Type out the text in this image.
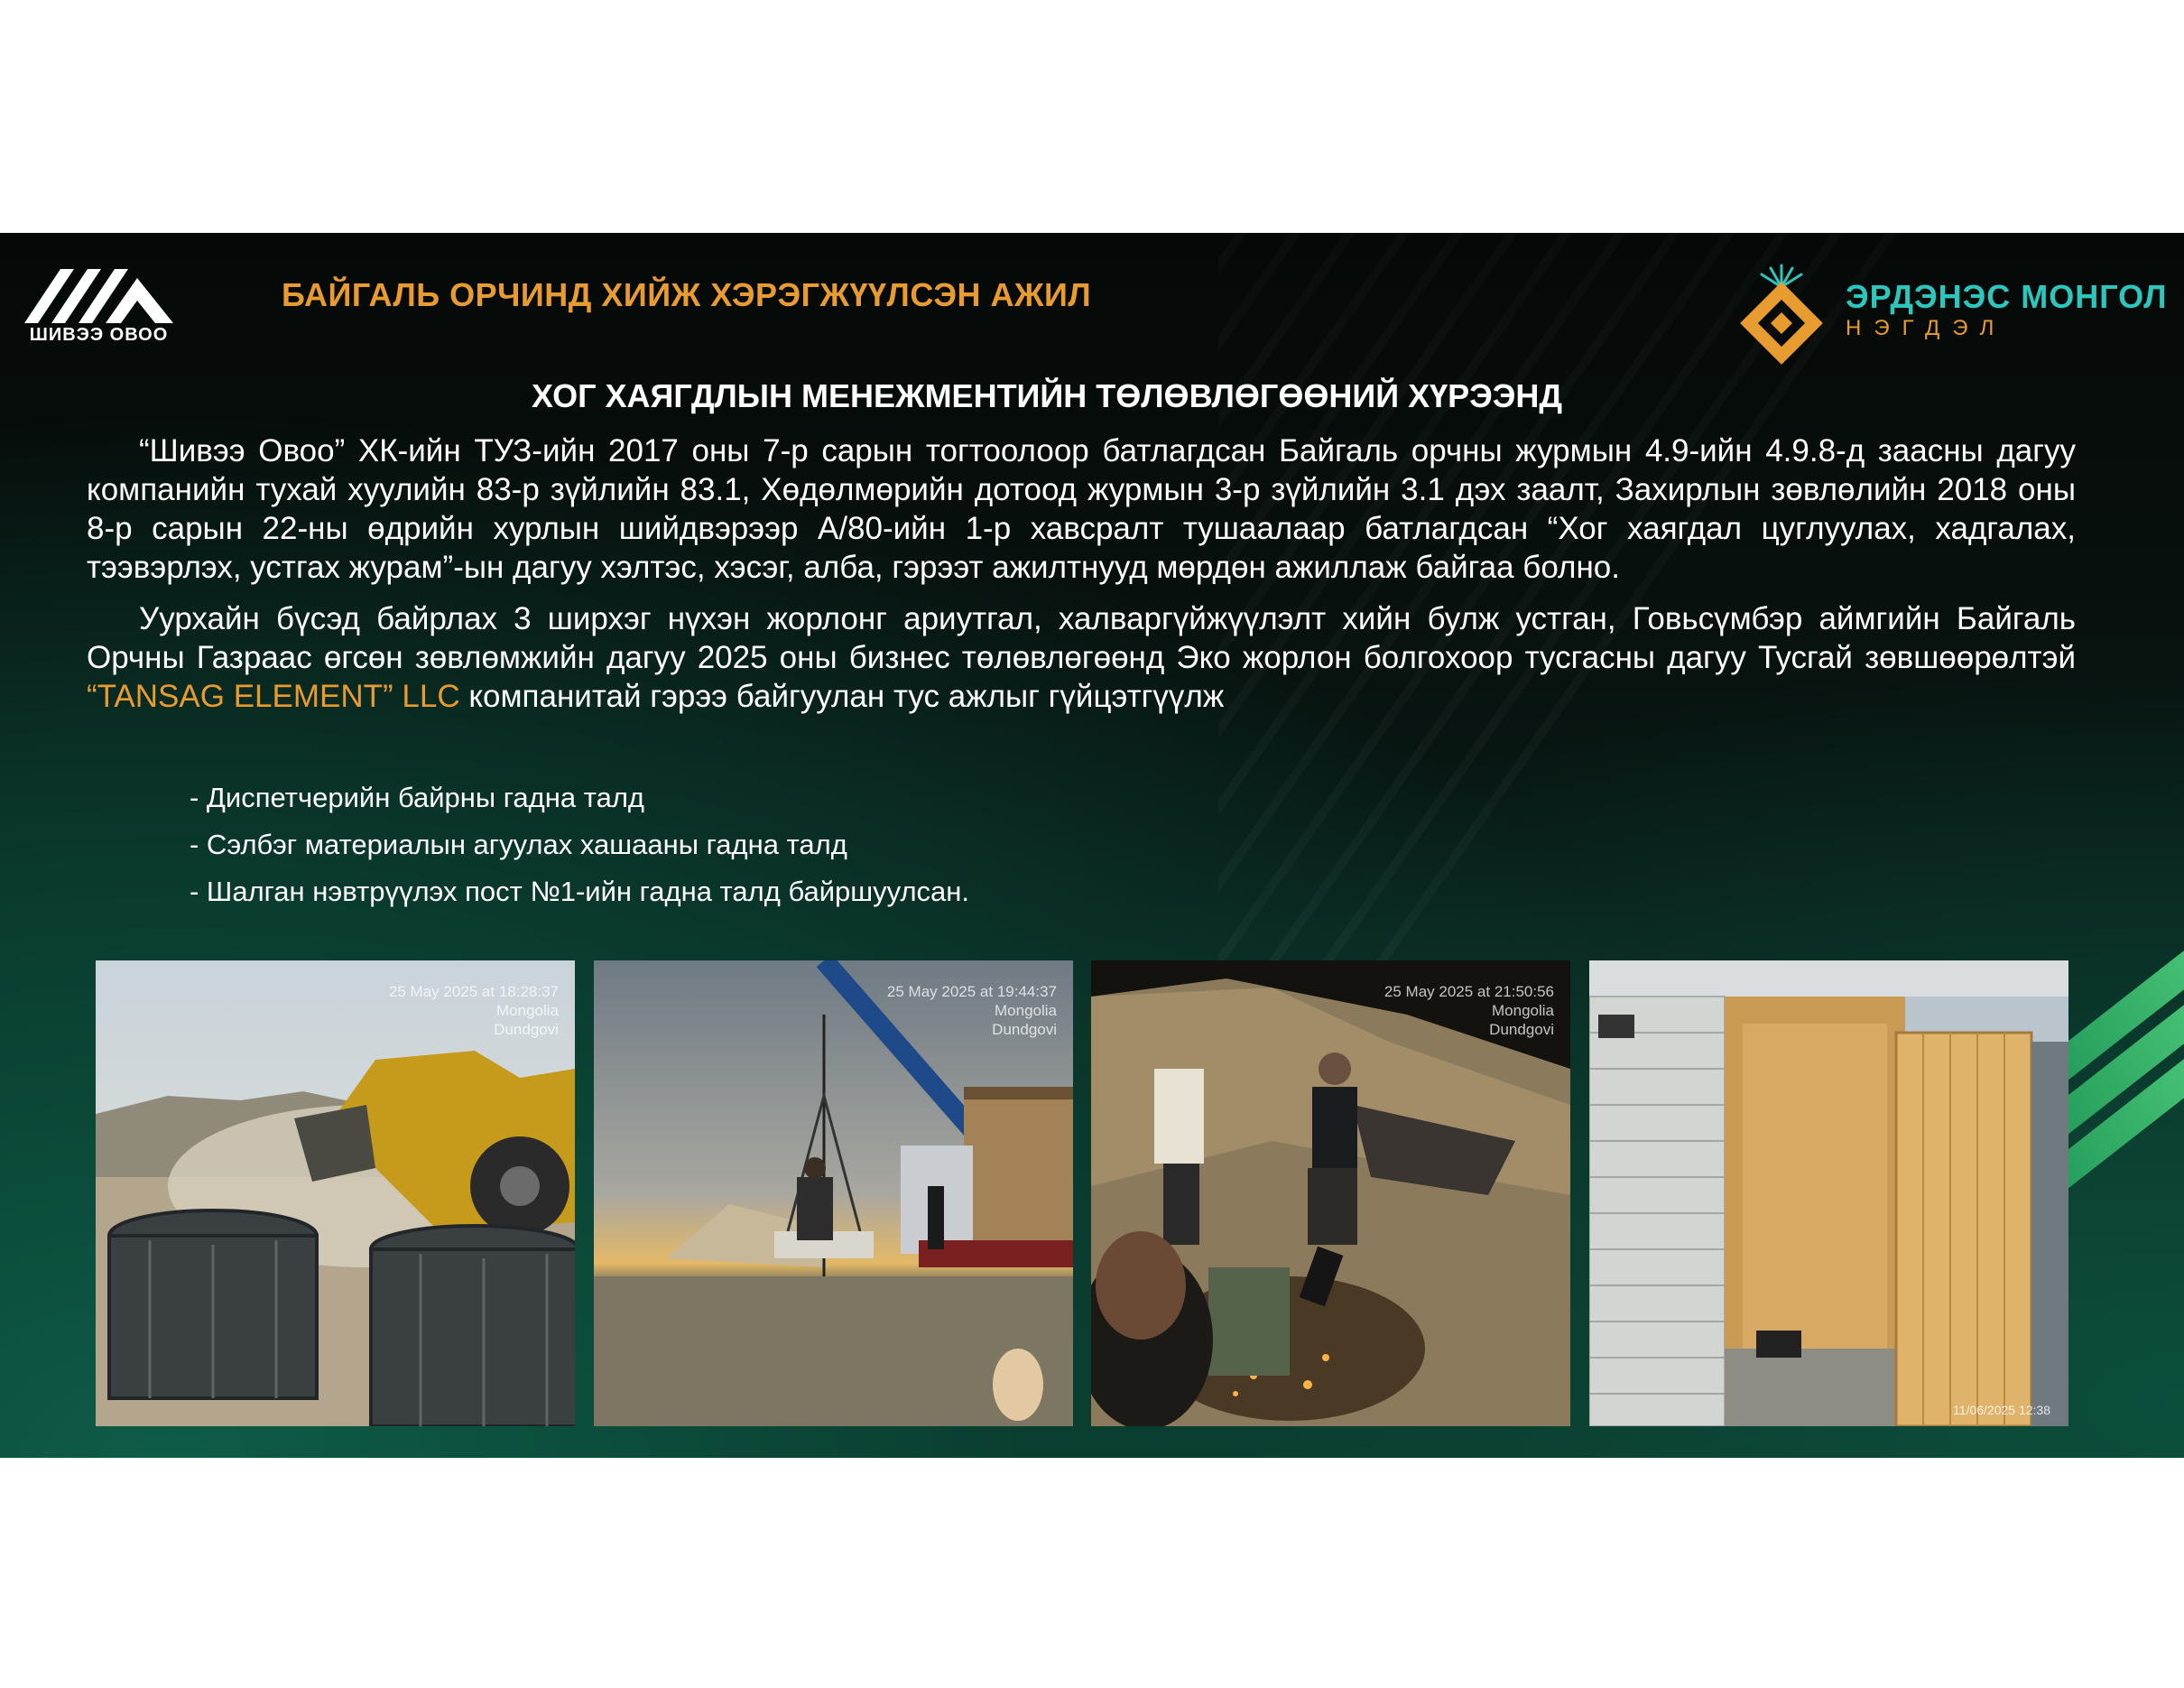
ШИВЭЭ ОВОО
БАЙГАЛЬ ОРЧИНД ХИЙЖ ХЭРЭГЖҮҮЛСЭН АЖИЛ	ЭРДЭНЭС МОНГОЛ
НЭГДЭЛ
ХОГ ХАЯГДЛЫН МЕНЕЖМЕНТИЙН ТӨЛӨВЛӨГӨӨНИЙ ХҮРЭЭНД

“Шивээ Овоо” ХК-ийн ТУЗ-ийн 2017 оны 7-р сарын тогтоолоор батлагдсан Байгаль орчны журмын 4.9-ийн 4.9.8-д заасны дагуу компанийн тухай хуулийн 83-р зүйлийн 83.1, Хөдөлмөрийн дотоод журмын 3-р зүйлийн 3.1 дэх заалт, Захирлын зөвлөлийн 2018 оны 8-р сарын 22-ны өдрийн хурлын шийдвэрээр А/80-ийн 1-р хавсралт тушаалаар батлагдсан “Хог хаягдал цуглуулах, хадгалах, тээвэрлэх, устгах журам”-ын дагуу хэлтэс, хэсэг, алба, гэрээт ажилтнууд мөрдөн ажиллаж байгаа болно.

Уурхайн бүсэд байрлах 3 ширхэг нүхэн жорлонг ариутгал, халваргүйжүүлэлт хийн булж устган, Говьсүмбэр аймгийн Байгаль Орчны Газраас өгсөн зөвлөмжийн дагуу 2025 оны бизнес төлөвлөгөөнд Эко жорлон болгохоор тусгасны дагуу Тусгай зөвшөөрөлтэй “TANSAG ELEMENT” LLC компанитай гэрээ байгуулан тус ажлыг гүйцэтгүүлж

- Диспетчерийн байрны гадна талд
- Сэлбэг материалын агуулах хашааны гадна талд
- Шалган нэвтрүүлэх пост №1-ийн гадна талд байршуулсан.
25 May 2025 at 18:28:37
Mongolia
Dundgovi
25 May 2025 at 19:44:37
Mongolia
Dundgovi
25 May 2025 at 21:50:56
Mongolia
Dundgovi
11/06/2025 12:38
